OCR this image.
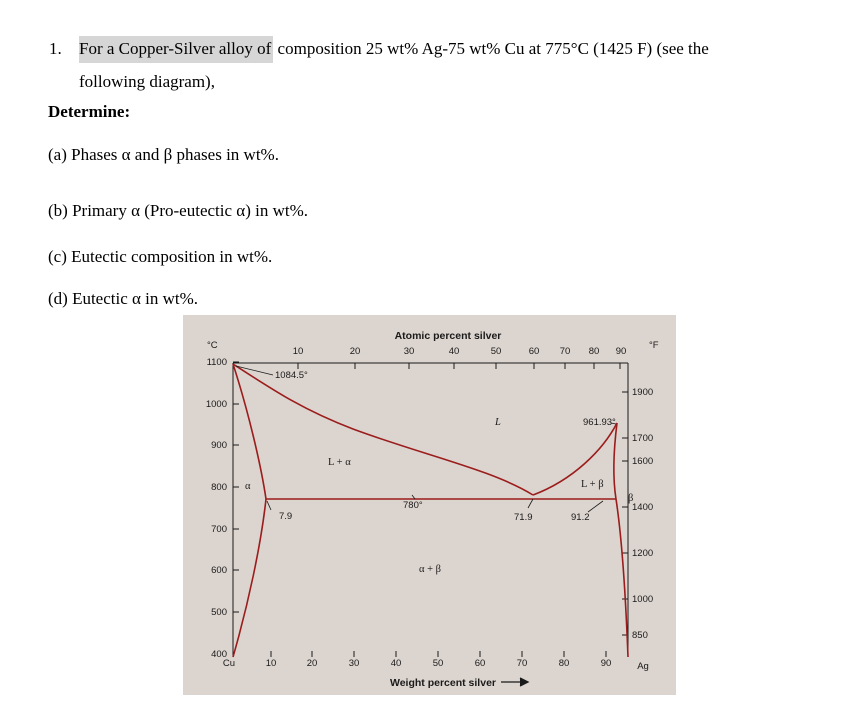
1. For a Copper-Silver alloy of composition 25 wt% Ag-75 wt% Cu at 775°C (1425 F) (see the
following diagram),
Determine:
(a) Phases α and β phases in wt%.
(b) Primary α (Pro-eutectic α) in wt%.
(c) Eutectic composition in wt%.
(d) Eutectic α in wt%.
Atomic percent silver
Weight percent silver
°C	°F
1100
1000
900
800
700
600
500
400
1900
1700
1600
1400
1200
1000
850
10	20	30	40	50	60 70 80 90
Cu	10	20	30	40	50	60	70	80	90	Ag
1084.5°
961.93°
780°
7.9	71.9	91.2
L
L + α
L + β
α
β
α + β
